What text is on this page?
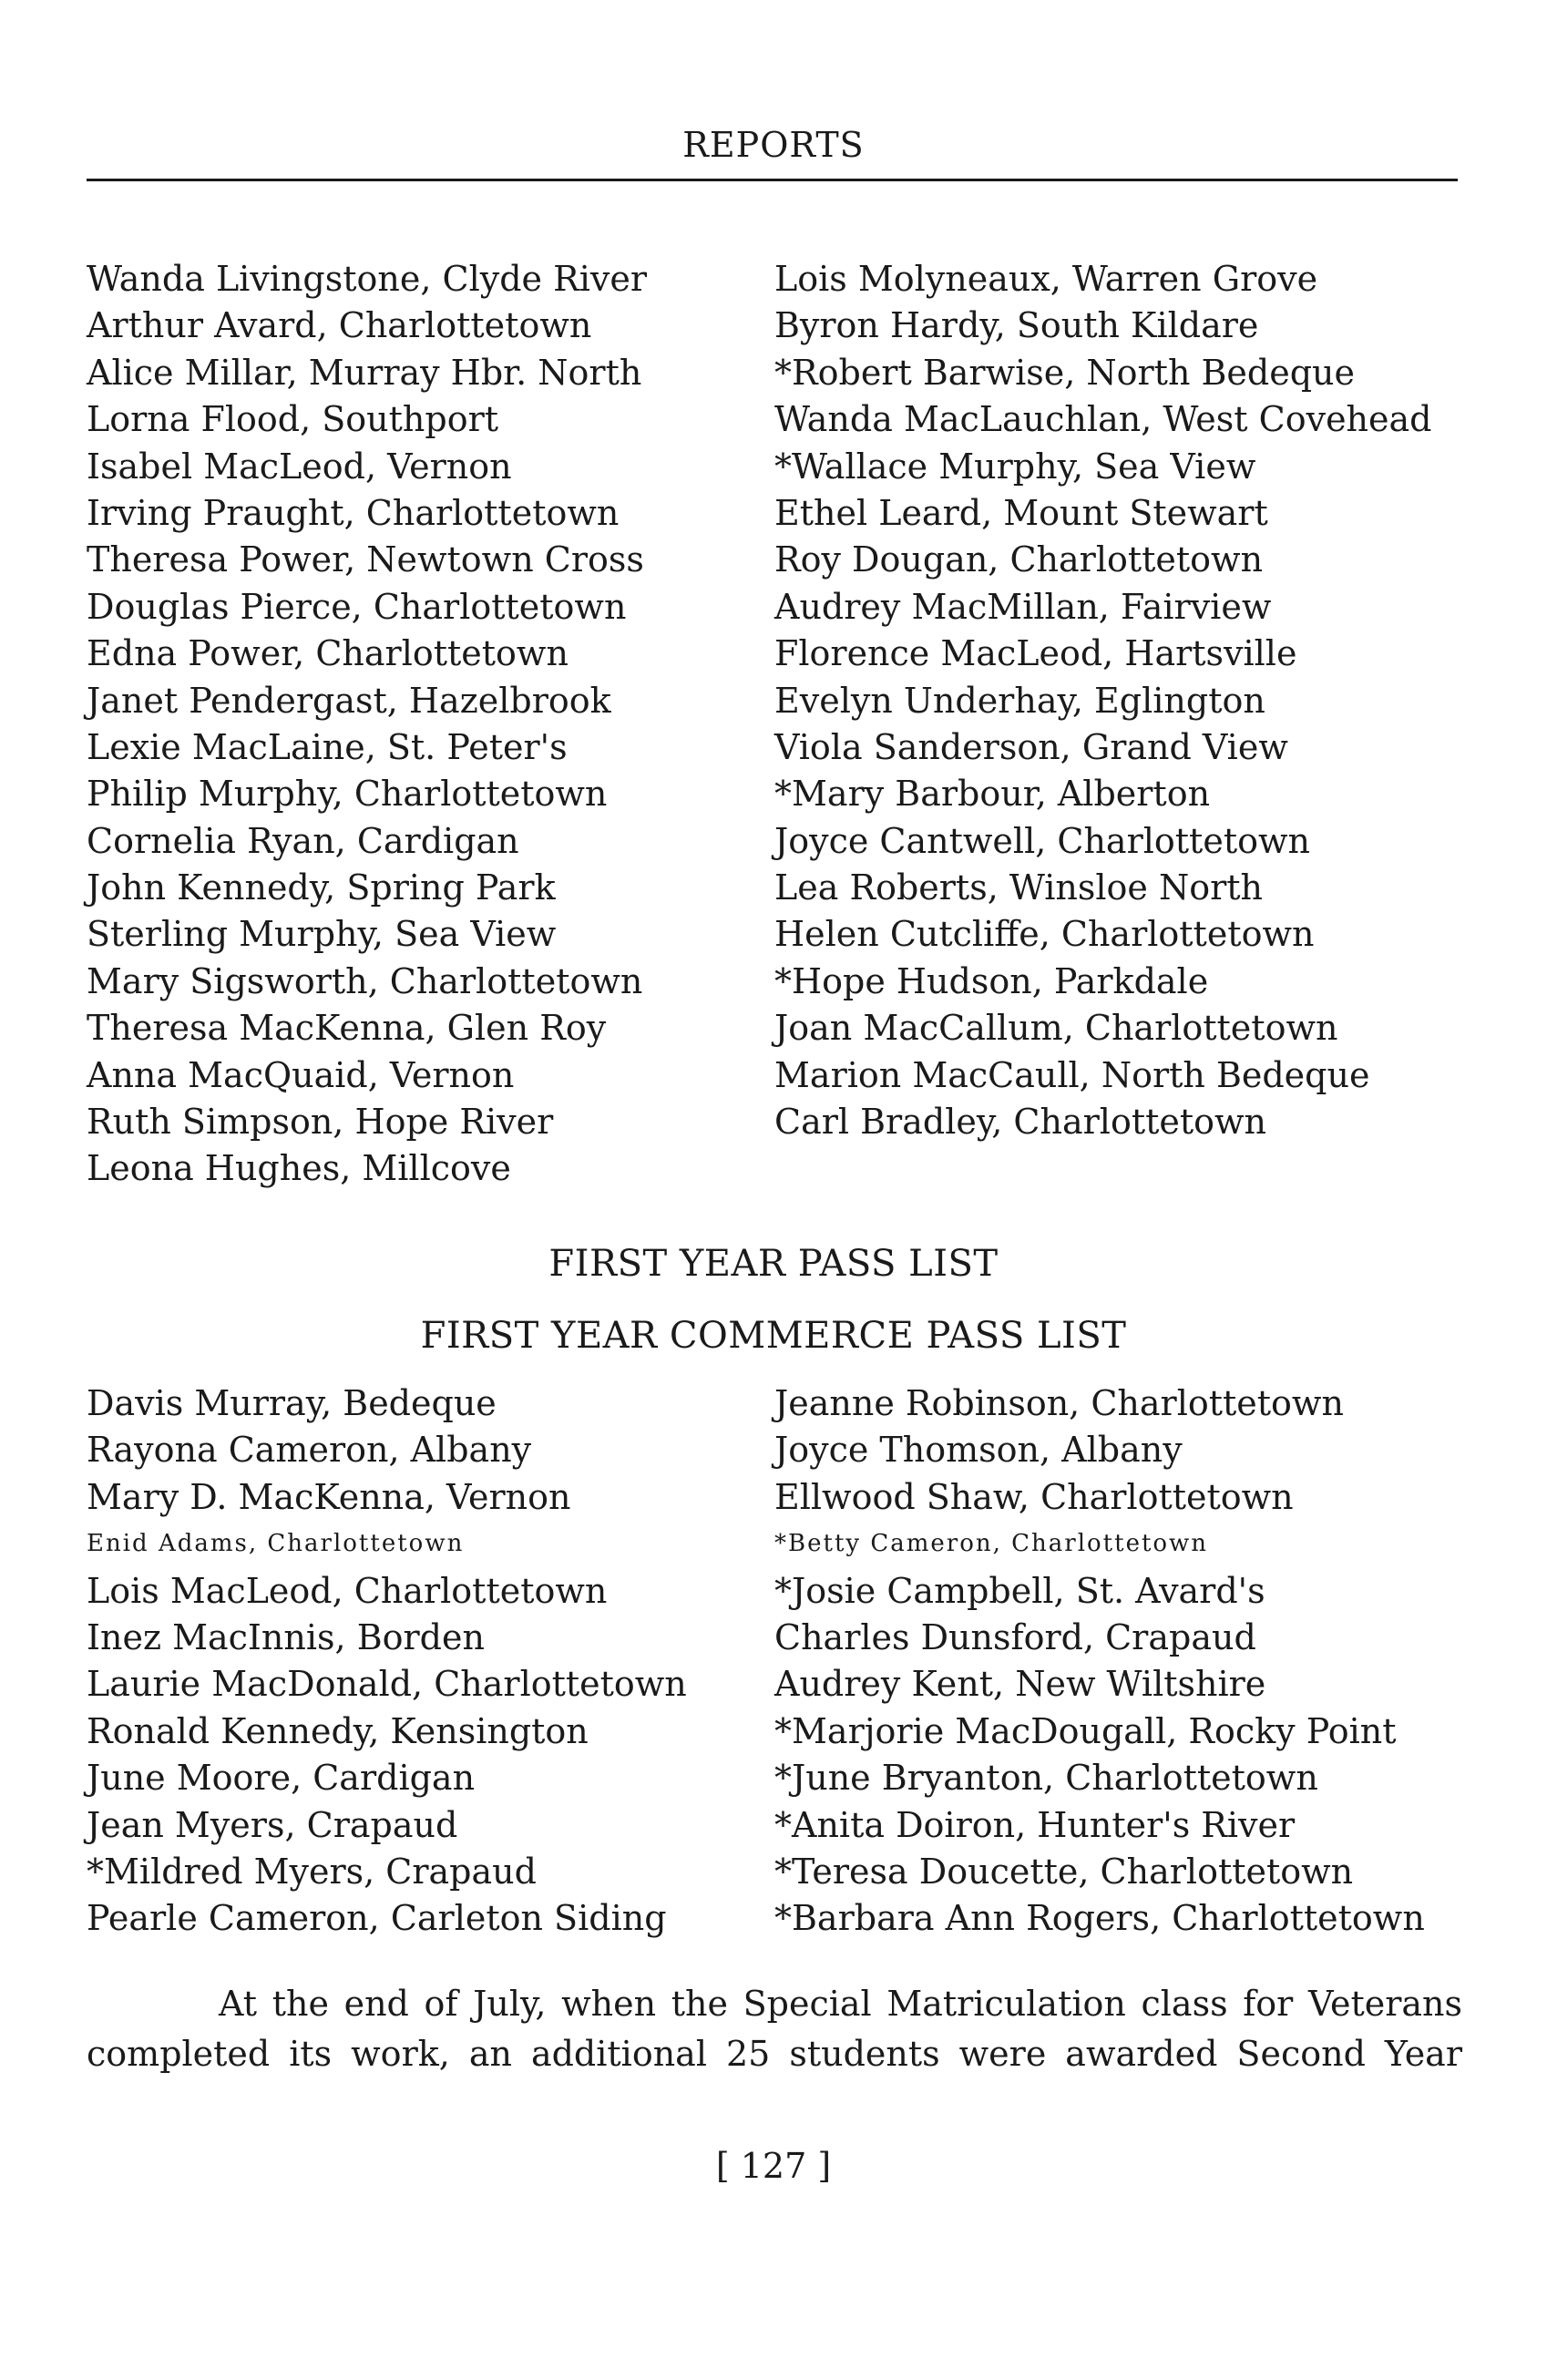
REPORTS
Wanda Livingstone, Clyde River
Arthur Avard, Charlottetown
Alice Millar, Murray Hbr. North
Lorna Flood, Southport
Isabel MacLeod, Vernon
Irving Praught, Charlottetown
Theresa Power, Newtown Cross
Douglas Pierce, Charlottetown
Edna Power, Charlottetown
Janet Pendergast, Hazelbrook
Lexie MacLaine, St. Peter's
Philip Murphy, Charlottetown
Cornelia Ryan, Cardigan
John Kennedy, Spring Park
Sterling Murphy, Sea View
Mary Sigsworth, Charlottetown
Theresa MacKenna, Glen Roy
Anna MacQuaid, Vernon
Ruth Simpson, Hope River
Leona Hughes, Millcove
Lois Molyneaux, Warren Grove
Byron Hardy, South Kildare
*Robert Barwise, North Bedeque
Wanda MacLauchlan, West Covehead
*Wallace Murphy, Sea View
Ethel Leard, Mount Stewart
Roy Dougan, Charlottetown
Audrey MacMillan, Fairview
Florence MacLeod, Hartsville
Evelyn Underhay, Eglington
Viola Sanderson, Grand View
*Mary Barbour, Alberton
Joyce Cantwell, Charlottetown
Lea Roberts, Winsloe North
Helen Cutcliffe, Charlottetown
*Hope Hudson, Parkdale
Joan MacCallum, Charlottetown
Marion MacCaull, North Bedeque
Carl Bradley, Charlottetown
FIRST YEAR PASS LIST
FIRST YEAR COMMERCE PASS LIST
Davis Murray, Bedeque
Rayona Cameron, Albany
Mary D. MacKenna, Vernon
Enid Adams, Charlottetown
Lois MacLeod, Charlottetown
Inez MacInnis, Borden
Laurie MacDonald, Charlottetown
Ronald Kennedy, Kensington
June Moore, Cardigan
Jean Myers, Crapaud
*Mildred Myers, Crapaud
Pearle Cameron, Carleton Siding
Jeanne Robinson, Charlottetown
Joyce Thomson, Albany
Ellwood Shaw, Charlottetown
*Betty Cameron, Charlottetown
*Josie Campbell, St. Avard's
Charles Dunsford, Crapaud
Audrey Kent, New Wiltshire
*Marjorie MacDougall, Rocky Point
*June Bryanton, Charlottetown
*Anita Doiron, Hunter's River
*Teresa Doucette, Charlottetown
*Barbara Ann Rogers, Charlottetown

At the end of July, when the Special Matriculation class for Veterans completed its work, an additional 25 students were awarded Second Year

[ 127 ]
